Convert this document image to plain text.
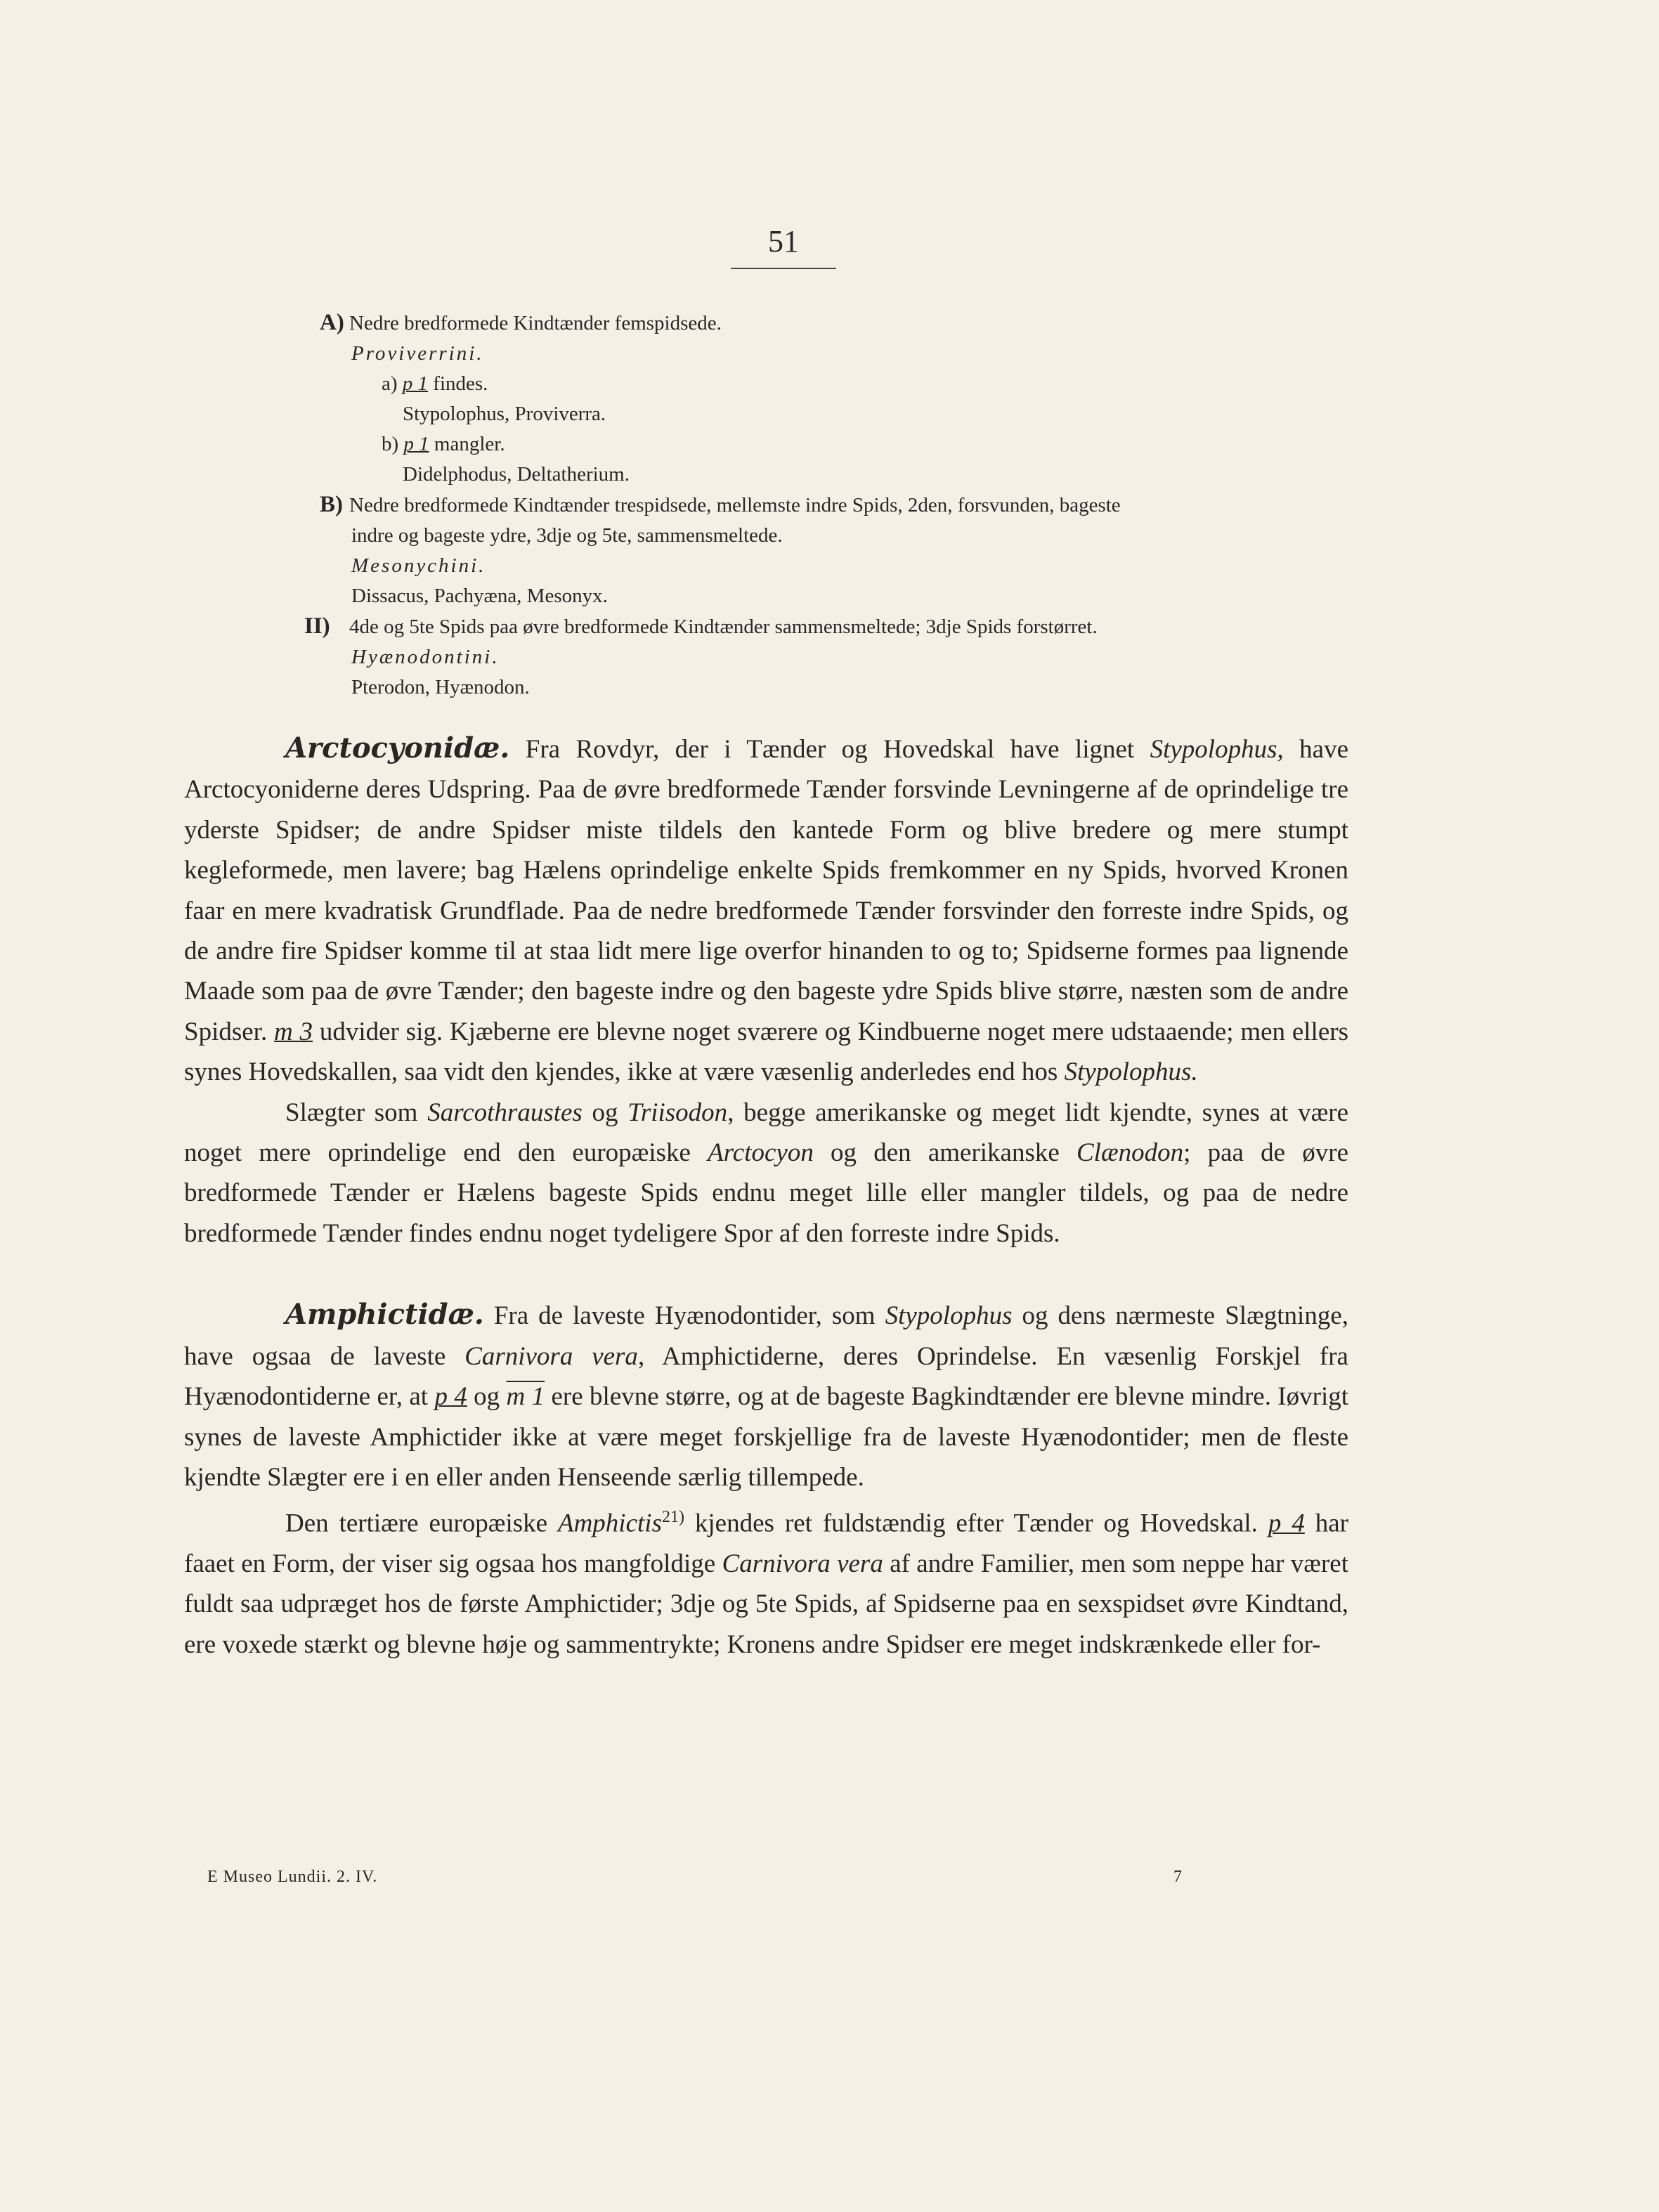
51
A) Nedre bredformede Kindtænder femspidsede.
Proviverrini.
a) p 1 findes.
Stypolophus, Proviverra.
b) p 1 mangler.
Didelphodus, Deltatherium.
B) Nedre bredformede Kindtænder trespidsede, mellemste indre Spids, 2den, forsvunden, bageste
indre og bageste ydre, 3dje og 5te, sammensmeltede.
Mesonychini.
Dissacus, Pachyæna, Mesonyx.
II) 4de og 5te Spids paa øvre bredformede Kindtænder sammensmeltede; 3dje Spids forstørret.
Hyænodontini.
Pterodon, Hyænodon.

Arctocyonidæ. Fra Rovdyr, der i Tænder og Hovedskal have lignet Stypolophus, have Arctocyoniderne deres Udspring. Paa de øvre bredformede Tænder forsvinde Levningerne af de oprindelige tre yderste Spidser; de andre Spidser miste tildels den kantede Form og blive bredere og mere stumpt kegleformede, men lavere; bag Hælens oprindelige enkelte Spids fremkommer en ny Spids, hvorved Kronen faar en mere kvadratisk Grundflade. Paa de nedre bredformede Tænder forsvinder den forreste indre Spids, og de andre fire Spidser komme til at staa lidt mere lige overfor hinanden to og to; Spidserne formes paa lignende Maade som paa de øvre Tænder; den bageste indre og den bageste ydre Spids blive større, næsten som de andre Spidser. m 3 udvider sig. Kjæberne ere blevne noget sværere og Kindbuerne noget mere udstaaende; men ellers synes Hovedskallen, saa vidt den kjendes, ikke at være væsenlig anderledes end hos Stypolophus.

Slægter som Sarcothraustes og Triisodon, begge amerikanske og meget lidt kjendte, synes at være noget mere oprindelige end den europæiske Arctocyon og den amerikanske Clænodon; paa de øvre bredformede Tænder er Hælens bageste Spids endnu meget lille eller mangler tildels, og paa de nedre bredformede Tænder findes endnu noget tydeligere Spor af den forreste indre Spids.

Amphictidæ. Fra de laveste Hyænodontider, som Stypolophus og dens nærmeste Slægtninge, have ogsaa de laveste Carnivora vera, Amphictiderne, deres Oprindelse. En væsenlig Forskjel fra Hyænodontiderne er, at p 4 og m 1 ere blevne større, og at de bageste Bagkindtænder ere blevne mindre. Iøvrigt synes de laveste Amphictider ikke at være meget forskjellige fra de laveste Hyænodontider; men de fleste kjendte Slægter ere i en eller anden Henseende særlig tillempede.

Den tertiære europæiske Amphictis$^{21)}$ kjendes ret fuldstændig efter Tænder og Hovedskal. p 4 har faaet en Form, der viser sig ogsaa hos mangfoldige Carnivora vera af andre Familier, men som neppe har været fuldt saa udpræget hos de første Amphictider; 3dje og 5te Spids, af Spidserne paa en sexspidset øvre Kindtand, ere voxede stærkt og blevne høje og sammentrykte; Kronens andre Spidser ere meget indskrænkede eller for-

E Museo Lundii. 2. IV.	7
